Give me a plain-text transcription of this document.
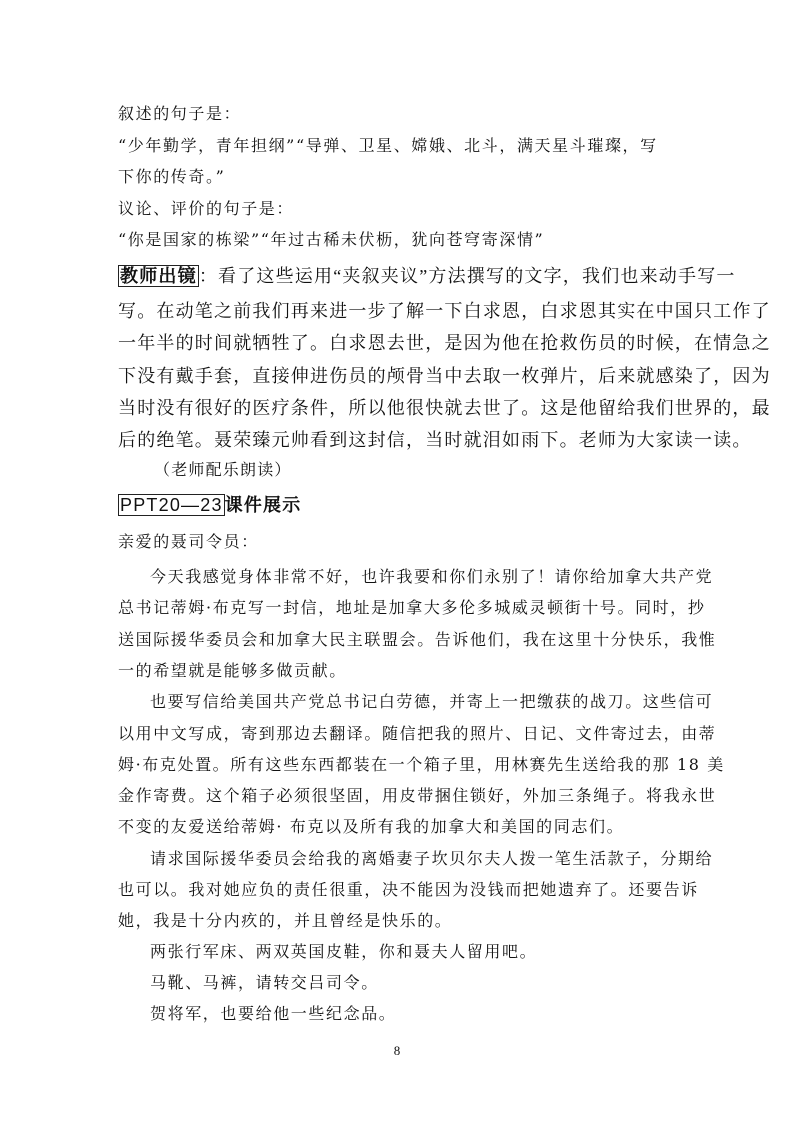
叙述的句子是：
“少年勤学，青年担纲”“导弹、卫星、嫦娥、北斗，满天星斗璀璨，写
下你的传奇。”
议论、评价的句子是：
“你是国家的栋梁”“年过古稀未伏枥，犹向苍穹寄深情”
教师出镜 ：看了这些运用“夹叙夹议”方法撰写的文字，我们也来动手写一
写。在动笔之前我们再来进一步了解一下白求恩，白求恩其实在中国只工作了
一年半的时间就牺牲了。白求恩去世，是因为他在抢救伤员的时候，在情急之
下没有戴手套，直接伸进伤员的颅骨当中去取一枚弹片，后来就感染了，因为
当时没有很好的医疗条件，所以他很快就去世了。这是他留给我们世界的，最
后的绝笔。聂荣臻元帅看到这封信，当时就泪如雨下。老师为大家读一读。
（老师配乐朗读）
PPT20—23 课件展示
亲爱的聂司令员：
今天我感觉身体非常不好，也许我要和你们永别了！请你给加拿大共产党
总书记蒂姆·布克写一封信，地址是加拿大多伦多城威灵顿街十号。同时，抄
送国际援华委员会和加拿大民主联盟会。告诉他们，我在这里十分快乐，我惟
一的希望就是能够多做贡献。
也要写信给美国共产党总书记白劳德，并寄上一把缴获的战刀。这些信可
以用中文写成，寄到那边去翻译。随信把我的照片、日记、文件寄过去，由蒂
姆·布克处置。所有这些东西都装在一个箱子里，用林赛先生送给我的那 18 美
金作寄费。这个箱子必须很坚固，用皮带捆住锁好，外加三条绳子。将我永世
不变的友爱送给蒂姆· 布克以及所有我的加拿大和美国的同志们。
请求国际援华委员会给我的离婚妻子坎贝尔夫人拨一笔生活款子，分期给
也可以。我对她应负的责任很重，决不能因为没钱而把她遗弃了。还要告诉
她，我是十分内疚的，并且曾经是快乐的。
两张行军床、两双英国皮鞋，你和聂夫人留用吧。
马靴、马裤，请转交吕司令。
贺将军，也要给他一些纪念品。
8
